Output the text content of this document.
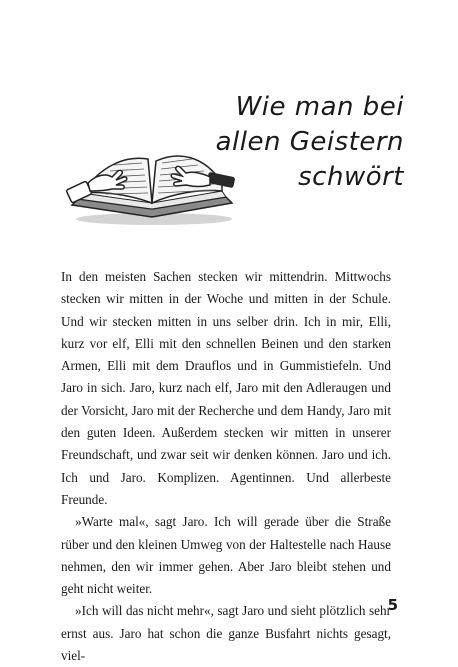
Wie man bei
allen Geistern
schwört

In den meisten Sachen stecken wir mittendrin. Mittwochs stecken wir mitten in der Woche und mitten in der Schule. Und wir stecken mitten in uns selber drin. Ich in mir, Elli, kurz vor elf, Elli mit den schnellen Beinen und den starken Armen, Elli mit dem Drauflos und in Gummistiefeln. Und Jaro in sich. Jaro, kurz nach elf, Jaro mit den Adleraugen und der Vorsicht, Jaro mit der Recherche und dem Handy, Jaro mit den guten Ideen. Außerdem stecken wir mitten in unserer Freundschaft, und zwar seit wir denken können. Jaro und ich. Ich und Jaro. Komplizen. Agentinnen. Und allerbeste Freunde.

»Warte mal«, sagt Jaro. Ich will gerade über die Straße rüber und den kleinen Umweg von der Haltestelle nach Hause nehmen, den wir immer gehen. Aber Jaro bleibt stehen und geht nicht weiter.

»Ich will das nicht mehr«, sagt Jaro und sieht plötzlich sehr ernst aus. Jaro hat schon die ganze Busfahrt nichts gesagt, viel-

5
